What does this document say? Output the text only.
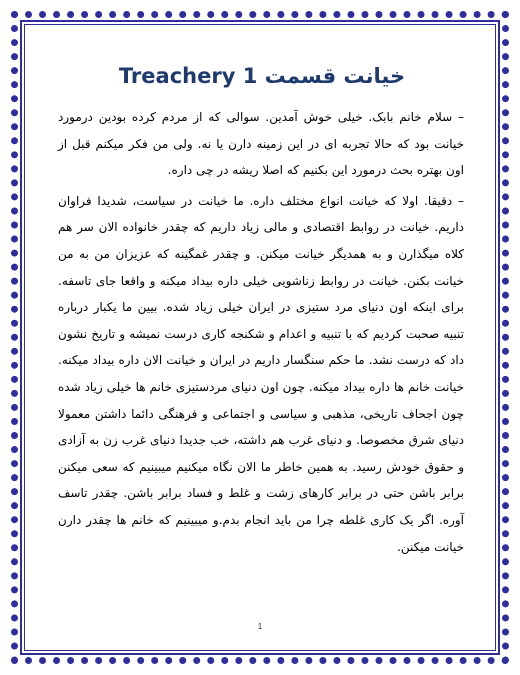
خیانت قسمت 1 Treachery

– سلام خانم بابک. خیلی خوش آمدین. سوالی که از مردم کرده بودین درمورد خیانت بود که حالا تجربه ای در این زمینه دارن یا نه. ولی من فکر میکنم قبل از اون بهتره بحث درمورد این بکنیم که اصلا ریشه در چی داره.

– دقیقا. اولا که خیانت انواع مختلف داره. ما خیانت در سیاست، شدیدا فراوان داریم. خیانت در روابط اقتصادی و مالی زیاد داریم که چقدر خانواده الان سر هم کلاه میگذارن و به همدیگر خیانت میکنن. و چقدر غمگینه که عزیزان من به من خیانت بکنن. خیانت در روابط زناشویی خیلی داره بیداد میکنه و واقعا جای تاسفه. برای اینکه اون دنیای مرد ستیزی در ایران خیلی زیاد شده. بیین ما یکبار درباره تنبیه صحبت کردیم که با تنبیه و اعدام و شکنجه کاری درست نمیشه و تاریخ نشون داد که درست نشد. ما حکم سنگسار داریم در ایران و خیانت الان داره بیداد میکنه. خیانت خانم ها داره بیداد میکنه. چون اون دنیای مردستیزی خانم ها خیلی زیاد شده چون اجحاف تاریخی، مذهبی و سیاسی و اجتماعی و فرهنگی دائما داشتن معمولا دنیای شرق مخصوصا. و دنیای غرب هم داشته، خب جدیدا دنیای غرب زن به آزادی و حقوق خودش رسید. به همین خاطر ما الان نگاه میکنیم میبینیم که سعی میکنن برابر باشن حتی در برابر کارهای زشت و غلط و فساد برابر باشن. چقدر تاسف آوره. اگر یک کاری غلطه چرا من باید انجام بدم.و میبینیم که خانم ها چقدر دارن خیانت میکنن.

1
